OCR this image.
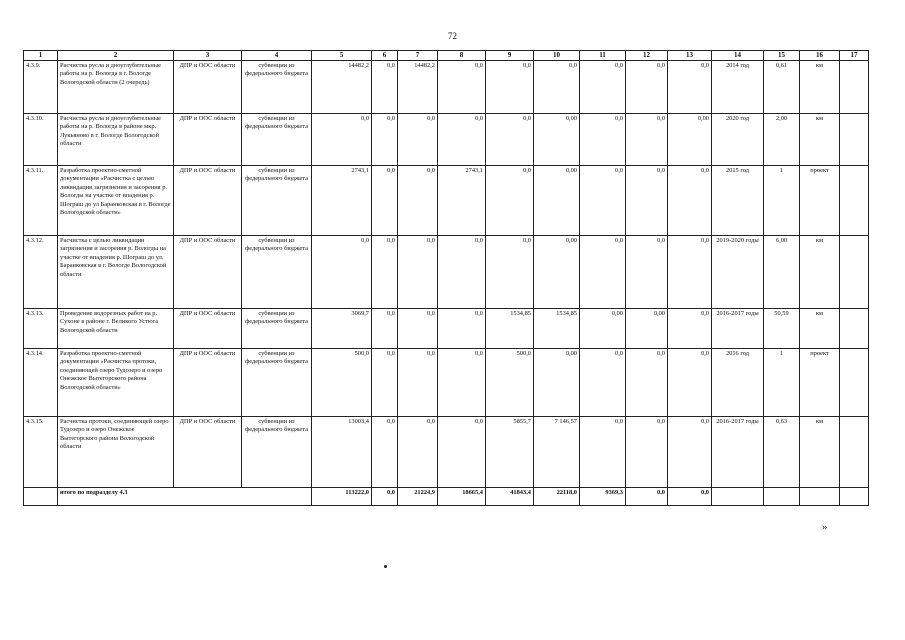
72
1	2	3	4	5	6	7	8	9	10	11	12	13	14	15	16	17
4.3.9.	Расчистка русла и дноуглубительные работы на р. Вологда в г. Вологде Вологодской области (2 очередь)	ДПР и ООС области	субвенции из федерального бюджета	14482,2	0,0	14482,2	0,0	0,0	0,0	0,0	0,0	0,0	2014 год	0,61	км	
4.3.10.	Расчистка русла и дноуглубительные работы на р. Вологда в районе мкр. Лукьяново в г. Вологде Вологодской области	ДПР и ООС области	субвенции из федерального бюджета	0,0	0,0	0,0	0,0	0,0	0,00	0,0	0,0	0,00	2020 год	2,00	км	
4.3.11.	Разработка проектно-сметной документации «Расчистка с целью ликвидации загрязнения и засорения р. Вологды на участке от впадения р. Шограш до ул Баранковская в г. Вологде Вологодской области»	ДПР и ООС области	субвенции из федерального бюджета	2743,1	0,0	0,0	2743,1	0,0	0,00	0,0	0,0	0,0	2015 год	1	проект	
4.3.12.	Расчистка с целью ликвидации загрязнения и засорения р. Вологды на участке от впадения р. Шограш до ул. Баранковская в г. Вологде Вологодской области	ДПР и ООС области	субвенции из федерального бюджета	0,0	0,0	0,0	0,0	0,0	0,00	0,0	0,0	0,0	2019-2020 годы	6,00	км	
4.3.13.	Проведение водорезных работ на р. Сухоне в районе г. Великого Устюга Вологодской области	ДПР и ООС области	субвенции из федерального бюджета	3069,7	0,0	0,0	0,0	1534,85	1534,85	0,00	0,00	0,0	2016-2017 годы	50,59	км	
4.3.14.	Разработка проектно-сметной документации «Расчистка протоки, соединяющей озеро Тудозеро и озеро Онежское Вытегорского района Вологодской области»	ДПР и ООС области	субвенции из федерального бюджета	500,0	0,0	0,0	0,0	500,0	0,00	0,0	0,0	0,0	2016 год	1	проект	
4.3.15.	Расчистка протоки, соединяющей озеро Тудозеро и озеро Онежское Вытегорского района Вологодской области	ДПР и ООС области	субвенции из федерального бюджета	13003,4	0,0	0,0	0,0	5855,7	7 146,57	0,0	0,0	0,0	2016-2017 годы	0,63	км	
	итого по подразделу 4.3			113222,0	0,0	21224,9	18665,4	41843,4	22118,0	9369,3	0,0	0,0				
»
